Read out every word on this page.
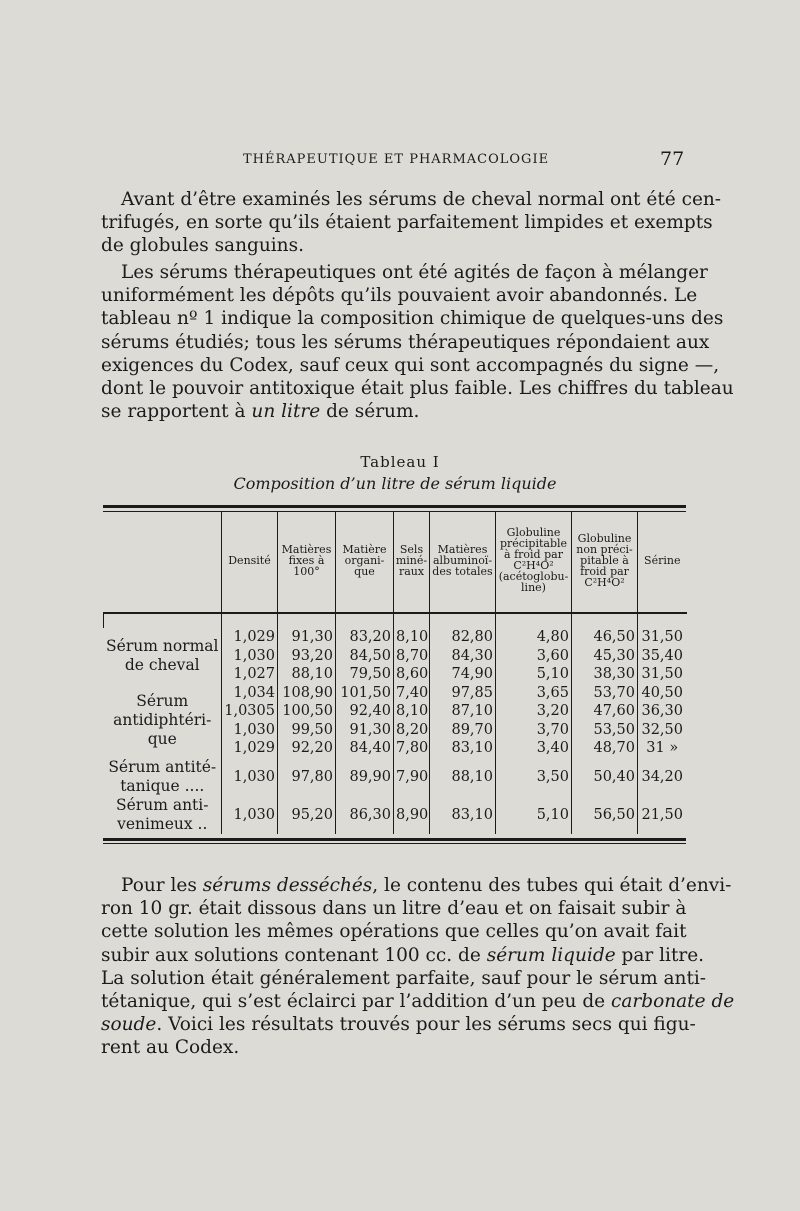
THÉRAPEUTIQUE ET PHARMACOLOGIE	77
Avant d’être examinés les sérums de cheval normal ont été cen-
trifugés, en sorte qu’ils étaient parfaitement limpides et exempts
de globules sanguins.
Les sérums thérapeutiques ont été agités de façon à mélanger
uniformément les dépôts qu’ils pouvaient avoir abandonnés. Le
tableau nº 1 indique la composition chimique de quelques-uns des
sérums étudiés; tous les sérums thérapeutiques répondaient aux
exigences du Codex, sauf ceux qui sont accompagnés du signe —,
dont le pouvoir antitoxique était plus faible. Les chiffres du tableau
se rapportent à un litre de sérum.
Tableau I
Composition d’un litre de sérum liquide
	Densité	Matières fixes à 100°	Matière organi-que	Sels miné-raux	Matières albuminoï-des totales	Globuline précipitable à froid par C²H⁴O² (acétoglobu-line)	Globuline non préci-pitable à froid par C²H⁴O²	Sérine

Sérum normal de cheval	1,029	91,30	83,20	8,10	82,80	4,80	46,50	31,50
	1,030	93,20	84,50	8,70	84,30	3,60	45,30	35,40
	1,027	88,10	79,50	8,60	74,90	5,10	38,30	31,50
Sérum antidiphtéri-que	1,034	108,90	101,50	7,40	97,85	3,65	53,70	40,50
	1,0305	100,50	92,40	8,10	87,10	3,20	47,60	36,30
	1,030	99,50	91,30	8,20	89,70	3,70	53,50	32,50
	1,029	92,20	84,40	7,80	83,10	3,40	48,70	31 »
Sérum antité-tanique ....	1,030	97,80	89,90	7,90	88,10	3,50	50,40	34,20
Sérum anti-venimeux ..	1,030	95,20	86,30	8,90	83,10	5,10	56,50	21,50
Pour les sérums desséchés, le contenu des tubes qui était d’envi-
ron 10 gr. était dissous dans un litre d’eau et on faisait subir à
cette solution les mêmes opérations que celles qu’on avait fait
subir aux solutions contenant 100 cc. de sérum liquide par litre.
La solution était généralement parfaite, sauf pour le sérum anti-
tétanique, qui s’est éclairci par l’addition d’un peu de carbonate de
soude. Voici les résultats trouvés pour les sérums secs qui figu-
rent au Codex.
